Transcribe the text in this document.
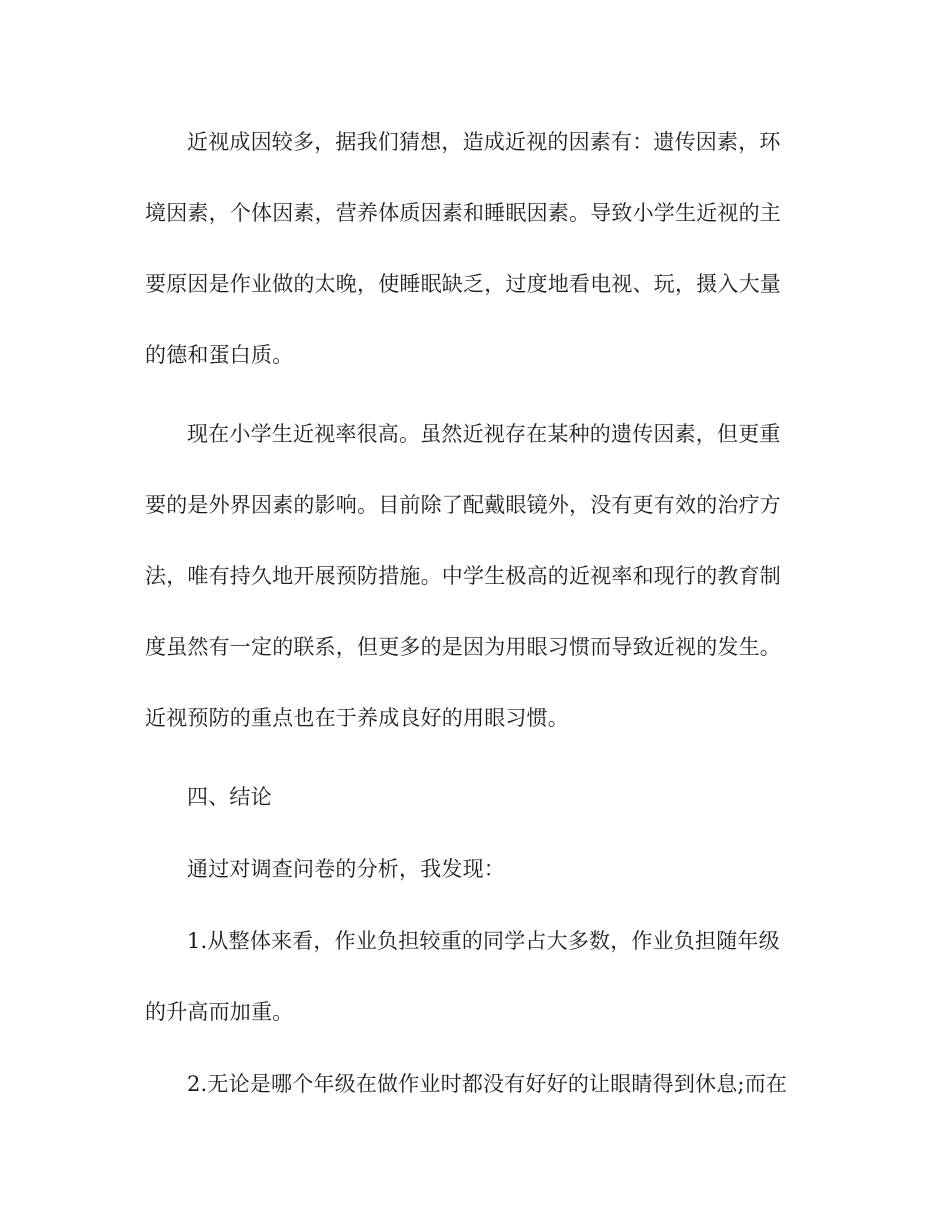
近视成因较多，据我们猜想，造成近视的因素有：遗传因素，环
境因素，个体因素，营养体质因素和睡眠因素。导致小学生近视的主
要原因是作业做的太晚，使睡眠缺乏，过度地看电视、玩，摄入大量
的德和蛋白质。
现在小学生近视率很高。虽然近视存在某种的遗传因素，但更重
要的是外界因素的影响。目前除了配戴眼镜外，没有更有效的治疗方
法，唯有持久地开展预防措施。中学生极高的近视率和现行的教育制
度虽然有一定的联系，但更多的是因为用眼习惯而导致近视的发生。
近视预防的重点也在于养成良好的用眼习惯。
四、结论
通过对调查问卷的分析，我发现：
1.从整体来看，作业负担较重的同学占大多数，作业负担随年级
的升高而加重。
2.无论是哪个年级在做作业时都没有好好的让眼睛得到休息;而在
